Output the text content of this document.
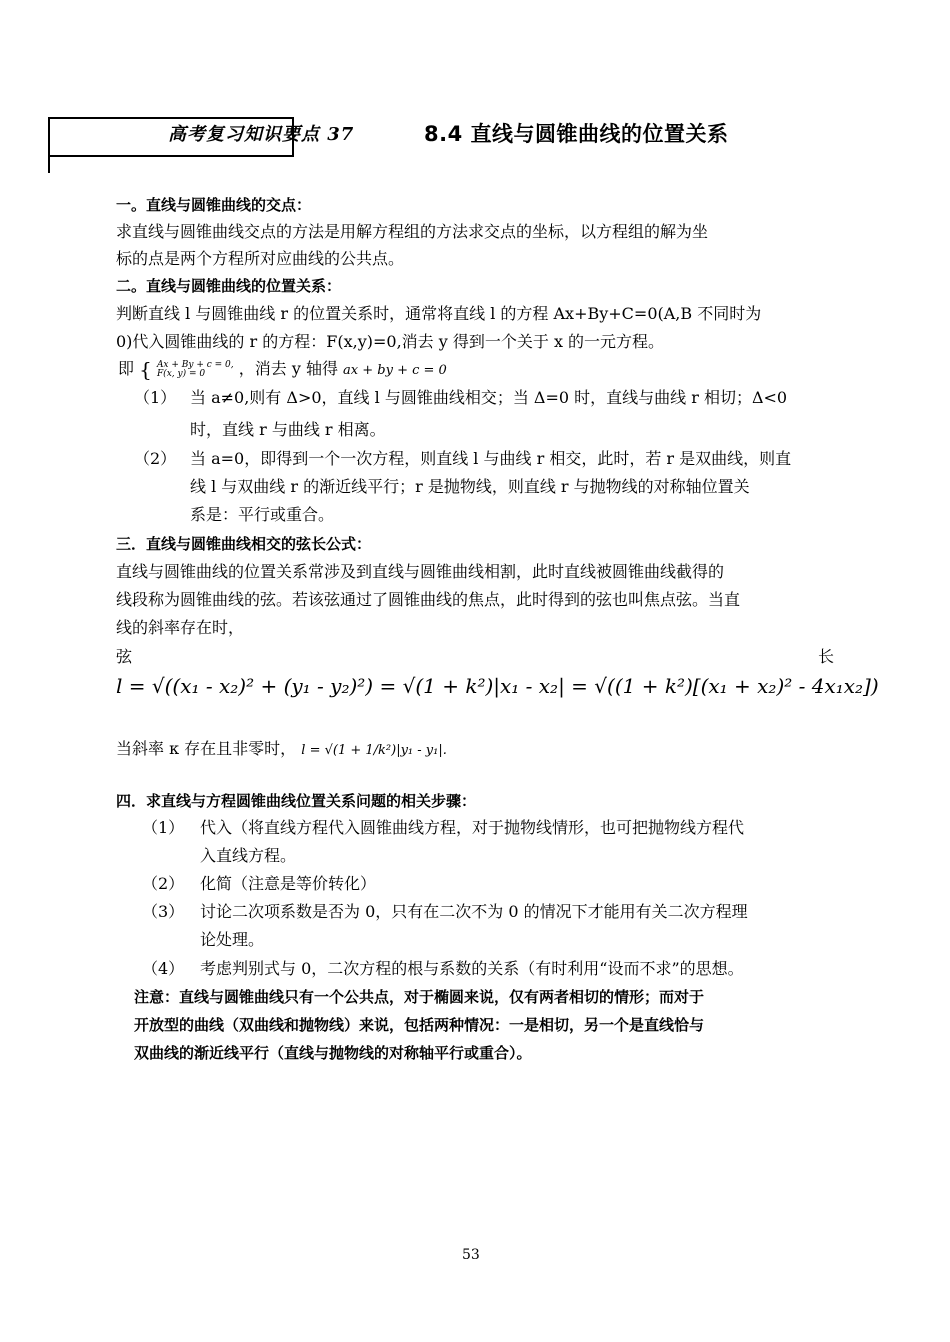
高考复习知识要点 37	8.4 直线与圆锥曲线的位置关系
一。直线与圆锥曲线的交点：
求直线与圆锥曲线交点的方法是用解方程组的方法求交点的坐标，以方程组的解为坐
标的点是两个方程所对应曲线的公共点。
二。直线与圆锥曲线的位置关系：
判断直线 l 与圆锥曲线 r 的位置关系时，通常将直线 l 的方程 Ax+By+C=0(A,B 不同时为
0)代入圆锥曲线的 r 的方程：F(x,y)=0,消去 y 得到一个关于 x 的一元方程。
即 { Ax + By + c = 0,
F(x, y) = 0	，消去 y 轴得 ax + by + c = 0
（1） 当 a≠0,则有 Δ>0，直线 l 与圆锥曲线相交；当 Δ=0 时，直线与曲线 r 相切；Δ<0
时，直线 r 与曲线 r 相离。
（2） 当 a=0，即得到一个一次方程，则直线 l 与曲线 r 相交，此时，若 r 是双曲线，则直
线 l 与双曲线 r 的渐近线平行；r 是抛物线，则直线 r 与抛物线的对称轴位置关
系是：平行或重合。
三．直线与圆锥曲线相交的弦长公式：
直线与圆锥曲线的位置关系常涉及到直线与圆锥曲线相割，此时直线被圆锥曲线截得的
线段称为圆锥曲线的弦。若该弦通过了圆锥曲线的焦点，此时得到的弦也叫焦点弦。当直
线的斜率存在时，
弦	长
l = √((x₁ - x₂)² + (y₁ - y₂)²) = √(1 + k²)|x₁ - x₂| = √((1 + k²)[(x₁ + x₂)² - 4x₁x₂])
当斜率 κ 存在且非零时， l = √(1 + 1/k²)|y₁ - y₁|.
四．求直线与方程圆锥曲线位置关系问题的相关步骤：
（1） 代入（将直线方程代入圆锥曲线方程，对于抛物线情形，也可把抛物线方程代
入直线方程。
（2） 化简（注意是等价转化）
（3） 讨论二次项系数是否为 0，只有在二次不为 0 的情况下才能用有关二次方程理
论处理。
（4） 考虑判别式与 0，二次方程的根与系数的关系（有时利用“设而不求”的思想。
注意：直线与圆锥曲线只有一个公共点，对于椭圆来说，仅有两者相切的情形；而对于
开放型的曲线（双曲线和抛物线）来说，包括两种情况：一是相切，另一个是直线恰与
双曲线的渐近线平行（直线与抛物线的对称轴平行或重合）。
53
